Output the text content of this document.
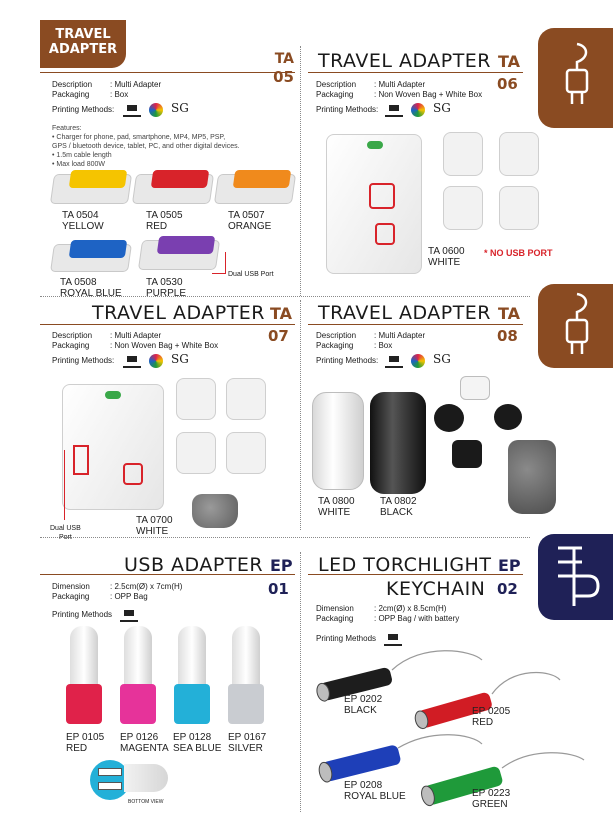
TRAVEL
ADAPTER
TA
05
Description : Multi Adapter
Packaging	: Box
Printing Methods:	SG
Features:
• Charger for phone, pad, smartphone, MP4, MP5, PSP,
GPS / bluetooth device, tablet, PC, and other digital devices.
• 1.5m cable length
• Max load 800W
TA 0504
YELLOW
TA 0505
RED
TA 0507
ORANGE
Dual USB Port
TA 0508
ROYAL BLUE
TA 0530
PURPLE
TRAVEL ADAPTER TA
06
Description : Multi Adapter
Packaging	: Non Woven Bag + White Box
Printing Methods:	SG
TA 0600
WHITE
* NO USB PORT
TRAVEL ADAPTER TA
07
Description : Multi Adapter
Packaging	: Non Woven Bag + White Box
Printing Methods:	SG
Dual USB
Port
TA 0700
WHITE
TRAVEL ADAPTER TA
08
Description : Multi Adapter
Packaging	: Box
Printing Methods:	SG
TA 0800
WHITE
TA 0802
BLACK
USB ADAPTER EP
01
Dimension	: 2.5cm(Ø) x 7cm(H)
Packaging	: OPP Bag
Printing Methods
EP 0105
RED
EP 0126
MAGENTA
EP 0128
SEA BLUE
EP 0167
SILVER
BOTTOM VIEW
LED TORCHLIGHT
KEYCHAIN
EP
02
Dimension	: 2cm(Ø) x 8.5cm(H)
Packaging	: OPP Bag / with battery
Printing Methods
EP 0202
BLACK	EP 0205
RED
EP 0208
ROYAL BLUE	EP 0223
GREEN
